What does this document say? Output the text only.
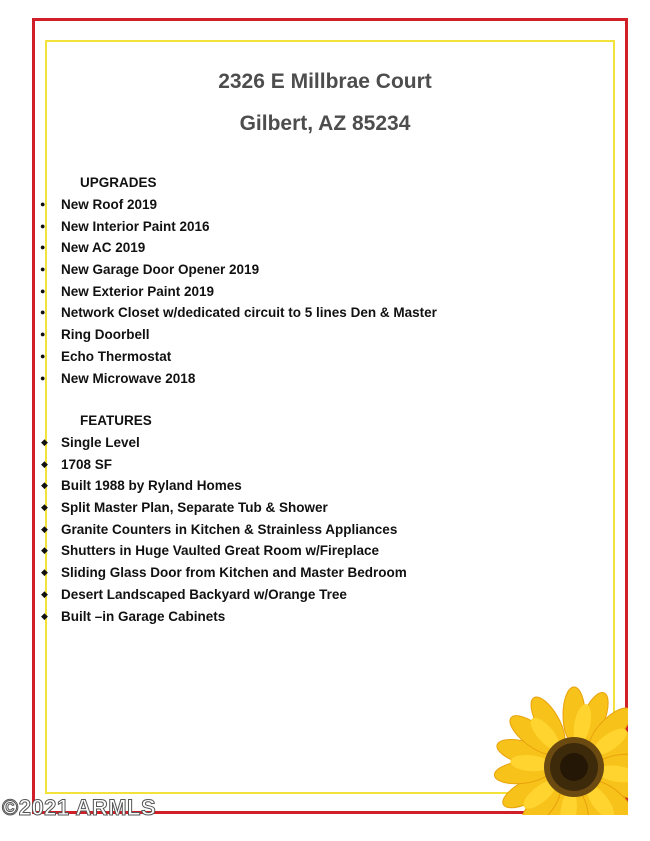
2326 E Millbrae Court
Gilbert, AZ 85234
UPGRADES
● New Roof 2019
● New Interior Paint 2016
● New AC 2019
● New Garage Door Opener 2019
● New Exterior Paint 2019
● Network Closet w/dedicated circuit to 5 lines Den & Master
● Ring Doorbell
● Echo Thermostat
● New Microwave 2018
FEATURES
◆ Single Level
◆ 1708 SF
◆ Built 1988 by Ryland Homes
◆ Split Master Plan, Separate Tub & Shower
◆ Granite Counters in Kitchen & Strainless Appliances
◆ Shutters in Huge Vaulted Great Room w/Fireplace
◆ Sliding Glass Door from Kitchen and Master Bedroom
◆ Desert Landscaped Backyard w/Orange Tree
◆ Built –in Garage Cabinets
©2021 ARMLS
